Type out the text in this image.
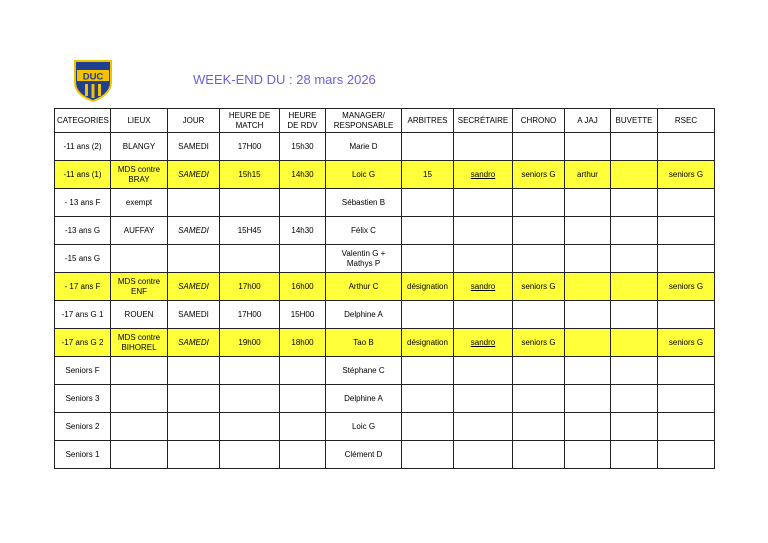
DUC	WEEK-END DU : 28 mars 2026
CATEGORIES	LIEUX	JOUR	HEURE DE MATCH	HEURE DE RDV	MANAGER/ RESPONSABLE	ARBITRES	SECRÉTAIRE	CHRONO	A JAJ	BUVETTE	RSEC
-11 ans (2)	BLANGY	SAMEDI	17H00	15h30	Marie D						
-11 ans (1)	MDS contre BRAY	SAMEDI	15h15	14h30	Loic G	15	sandro	seniors G	arthur		seniors G
- 13 ans F	exempt				Sébastien B						
-13 ans G	AUFFAY	SAMEDI	15H45	14h30	Félix C						
-15 ans G					Valentin G + Mathys P						
- 17 ans F	MDS contre ENF	SAMEDI	17h00	16h00	Arthur C	désignation	sandro	seniors G			seniors G
-17 ans G 1	ROUEN	SAMEDI	17H00	15H00	Delphine A						
-17 ans G 2	MDS contre BIHOREL	SAMEDI	19h00	18h00	Tao B	désignation	sandro	seniors G			seniors G
Seniors F					Stéphane C						
Seniors 3					Delphine A						
Seniors 2					Loic G						
Seniors 1					Clément D						
